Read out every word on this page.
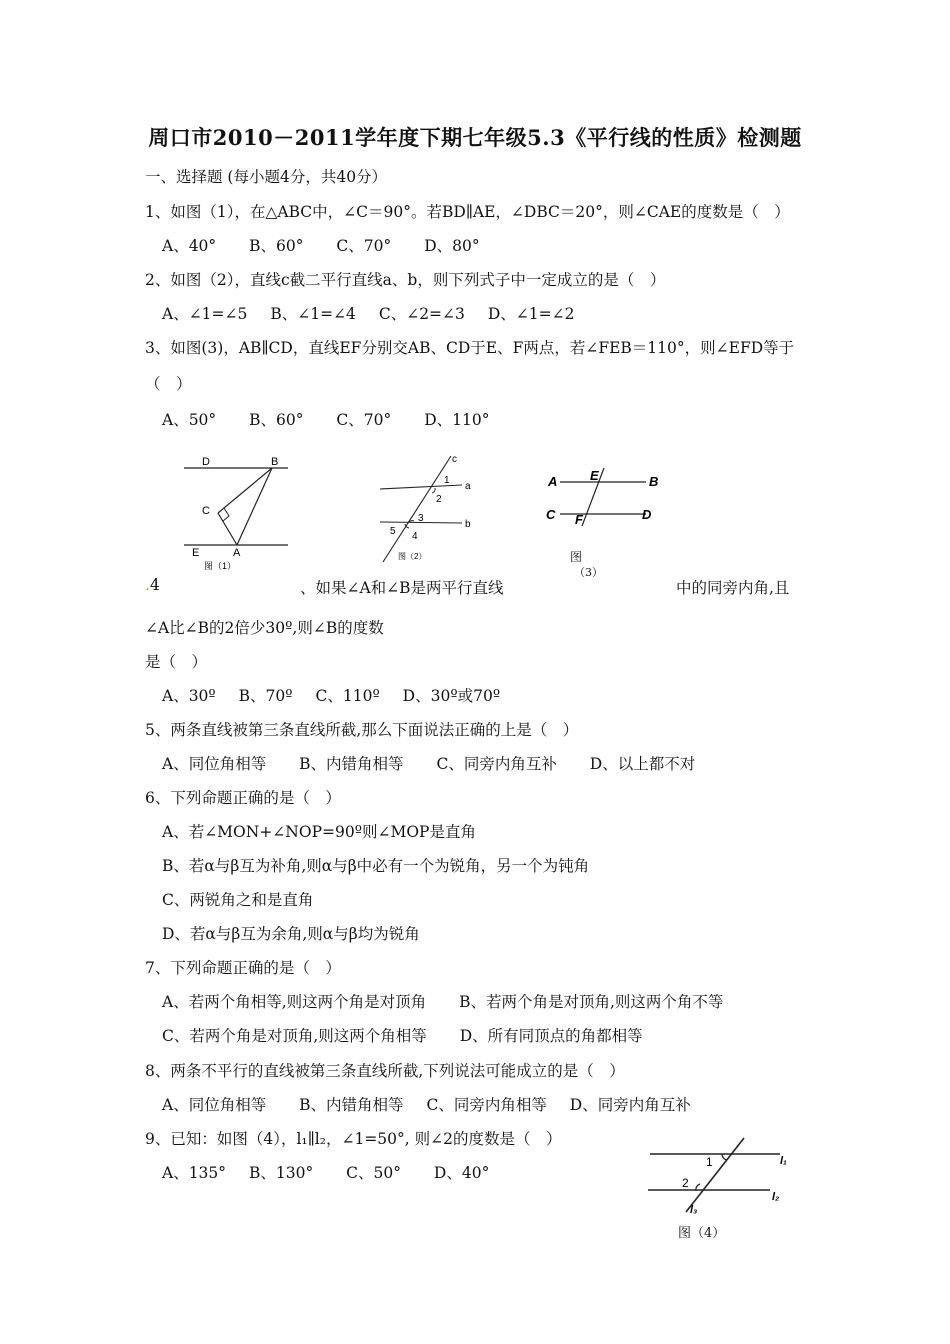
周口市2010－2011学年度下期七年级5.3《平行线的性质》检测题
一、选择题 (每小题4分，共40分）
1、如图（1），在△ABC中，∠C＝90°。若BD∥AE，∠DBC＝20°，则∠CAE的度数是（　）
A、40° B、60° C、70° D、80°
2、如图（2），直线c截二平行直线a、b，则下列式子中一定成立的是（　）
A、∠1=∠5 B、∠1=∠4 C、∠2=∠3 D、∠1=∠2
3、如图(3)，AB∥CD，直线EF分别交AB、CD于E、F两点，若∠FEB＝110°，则∠EFD等于
（　）
A、50° B、60° C、70° D、110°
D	B
C
E	A
图（1）
c
a
b
1
2
3
4
5
图（2）
A	E	B
C F	D
图
（3）
.4	、如果∠A和∠B是两平行直线	中的同旁内角,且
∠A比∠B的2倍少30º,则∠B的度数
是（　）
A、30º B、70º C、110º D、30º或70º
5、两条直线被第三条直线所截,那么下面说法正确的上是（　）
A、同位角相等 B、内错角相等 C、同旁内角互补 D、以上都不对
6、下列命题正确的是（　）
A、若∠MON+∠NOP=90º则∠MOP是直角
B、若α与β互为补角,则α与β中必有一个为锐角，另一个为钝角
C、两锐角之和是直角
D、若α与β互为余角,则α与β均为锐角
7、下列命题正确的是（　）
A、若两个角相等,则这两个角是对顶角 B、若两个角是对顶角,则这两个角不等
C、若两个角是对顶角,则这两个角相等 D、所有同顶点的角都相等
8、两条不平行的直线被第三条直线所截,下列说法可能成立的是（　）
A、同位角相等 B、内错角相等 C、同旁内角相等 D、同旁内角互补
9、已知：如图（4），l₁∥l₂，∠1=50°, 则∠2的度数是（　）
A、135° B、130° C、50° D、40°
1
2
l₁
l₂
l₃
图（4）
